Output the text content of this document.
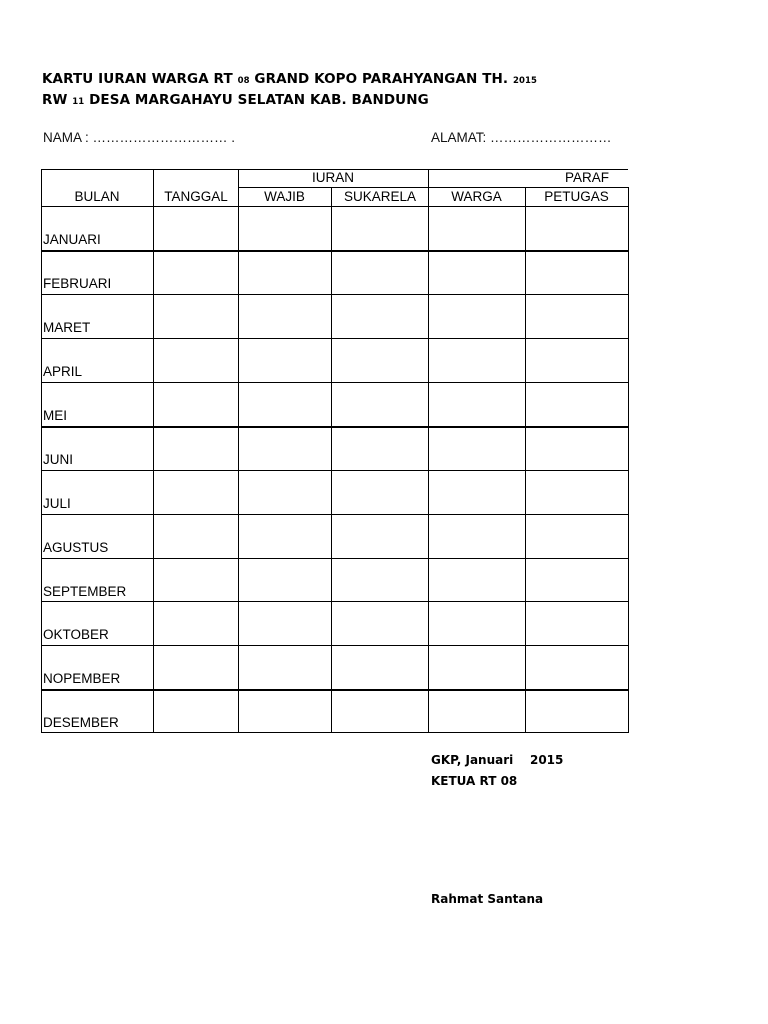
KARTU IURAN WARGA RT 08 GRAND KOPO PARAHYANGAN TH. 2015
RW 11 DESA MARGAHAYU SELATAN KAB. BANDUNG
NAMA : ………………………… .	ALAMAT: ………………………
IURAN	PARAF
BULAN	TANGGAL	WAJIB	SUKARELA	WARGA	PETUGAS
JANUARI
FEBRUARI
MARET
APRIL
MEI
JUNI
JULI
AGUSTUS
SEPTEMBER
OKTOBER
NOPEMBER
DESEMBER
GKP, Januari    2015
KETUA RT 08
Rahmat Santana
